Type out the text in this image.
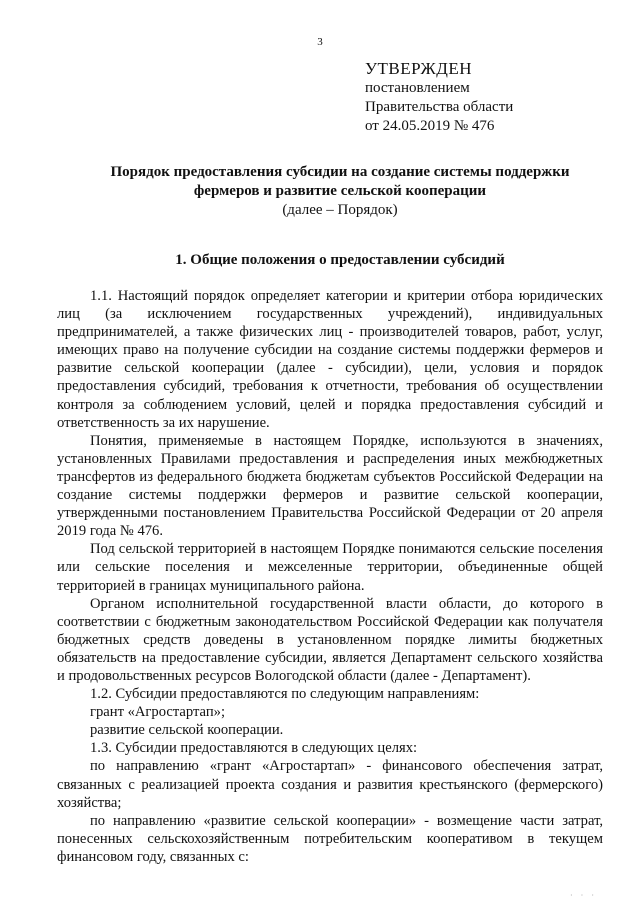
3
УТВЕРЖДЕН
постановлением
Правительства области
от 24.05.2019 № 476
Порядок предоставления субсидии на создание системы поддержки
фермеров и развитие сельской кооперации
(далее – Порядок)
1. Общие положения о предоставлении субсидий

1.1. Настоящий порядок определяет категории и критерии отбора юридических лиц (за исключением государственных учреждений), индивидуальных предпринимателей, а также физических лиц - производителей товаров, работ, услуг, имеющих право на получение субсидии на создание системы поддержки фермеров и развитие сельской кооперации (далее - субсидии), цели, условия и порядок предоставления субсидий, требования к отчетности, требования об осуществлении контроля за соблюдением условий, целей и порядка предоставления субсидий и ответственность за их нарушение.

Понятия, применяемые в настоящем Порядке, используются в значениях, установленных Правилами предоставления и распределения иных межбюджетных трансфертов из федерального бюджета бюджетам субъектов Российской Федерации на создание системы поддержки фермеров и развитие сельской кооперации, утвержденными постановлением Правительства Российской Федерации от 20 апреля 2019 года № 476.

Под сельской территорией в настоящем Порядке понимаются сельские поселения или сельские поселения и межселенные территории, объединенные общей территорией в границах муниципального района.

Органом исполнительной государственной власти области, до которого в соответствии с бюджетным законодательством Российской Федерации как получателя бюджетных средств доведены в установленном порядке лимиты бюджетных обязательств на предоставление субсидии, является Департамент сельского хозяйства и продовольственных ресурсов Вологодской области (далее - Департамент).

1.2. Субсидии предоставляются по следующим направлениям:

грант «Агростартап»;

развитие сельской кооперации.

1.3. Субсидии предоставляются в следующих целях:

по направлению «грант «Агростартап» - финансового обеспечения затрат, связанных с реализацией проекта создания и развития крестьянского (фермерского) хозяйства;

по направлению «развитие сельской кооперации» - возмещение части затрат, понесенных сельскохозяйственным потребительским кооперативом в текущем финансовом году, связанных с:

· · ·
